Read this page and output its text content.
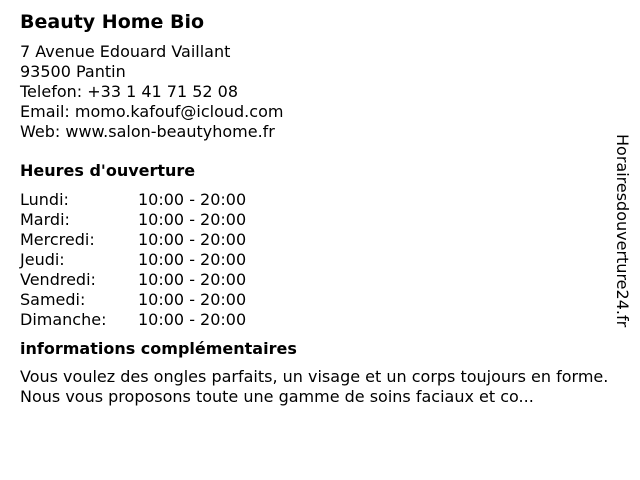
Beauty Home Bio
7 Avenue Edouard Vaillant
93500 Pantin
Telefon: +33 1 41 71 52 08
Email: momo.kafouf@icloud.com
Web: www.salon-beautyhome.fr
Heures d'ouverture
Lundi:	10:00 - 20:00
Mardi:	10:00 - 20:00
Mercredi:	10:00 - 20:00
Jeudi:	10:00 - 20:00
Vendredi:	10:00 - 20:00
Samedi:	10:00 - 20:00
Dimanche:	10:00 - 20:00
informations complémentaires
Vous voulez des ongles parfaits, un visage et un corps toujours en forme. Nous vous proposons toute une gamme de soins faciaux et co...
Horairesdouverture24.fr
